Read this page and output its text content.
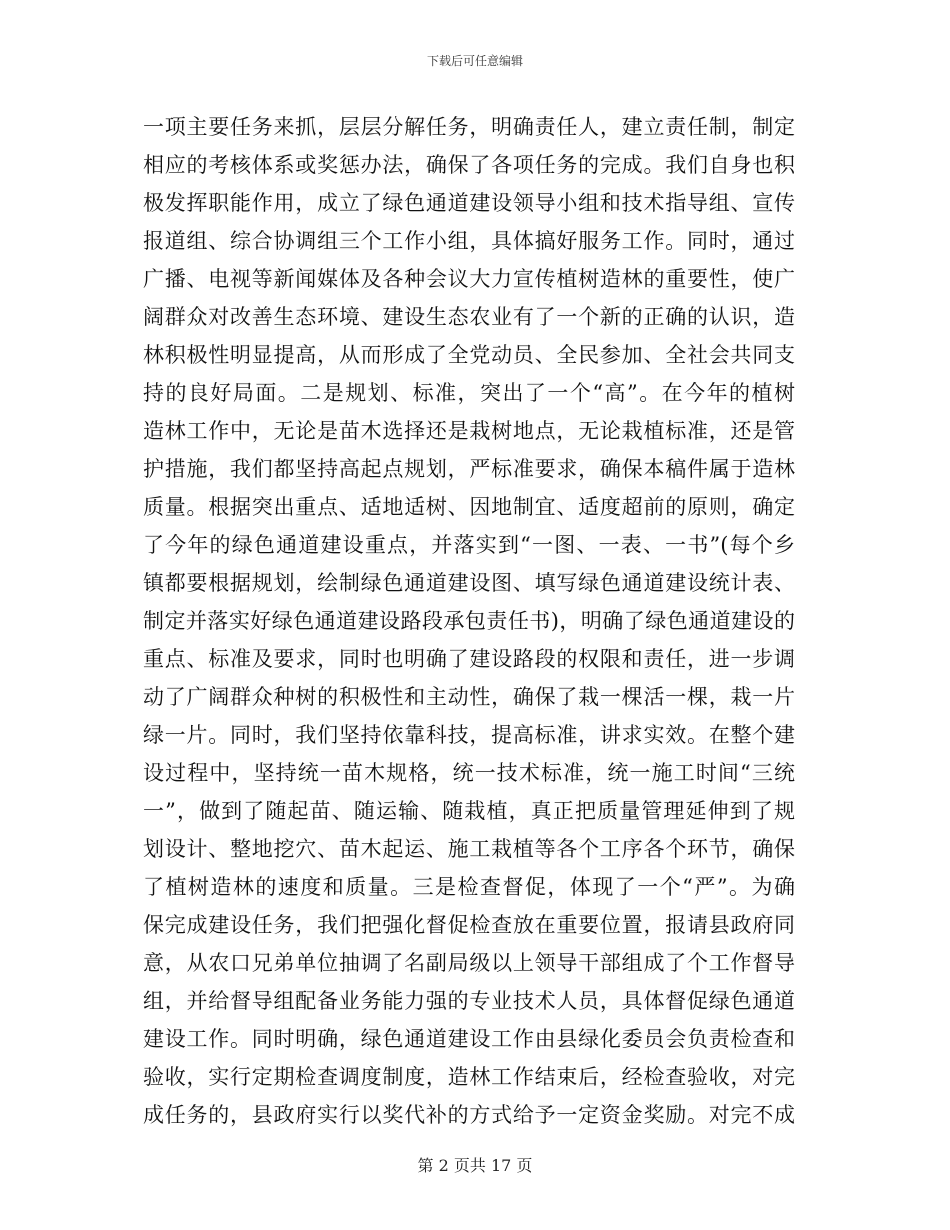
下载后可任意编辑
一项主要任务来抓，层层分解任务，明确责任人，建立责任制，制定
相应的考核体系或奖惩办法，确保了各项任务的完成。我们自身也积
极发挥职能作用，成立了绿色通道建设领导小组和技术指导组、宣传
报道组、综合协调组三个工作小组，具体搞好服务工作。同时，通过
广播、电视等新闻媒体及各种会议大力宣传植树造林的重要性，使广
阔群众对改善生态环境、建设生态农业有了一个新的正确的认识，造
林积极性明显提高，从而形成了全党动员、全民参加、全社会共同支
持的良好局面。二是规划、标准，突出了一个“高”。在今年的植树
造林工作中，无论是苗木选择还是栽树地点，无论栽植标准，还是管
护措施，我们都坚持高起点规划，严标准要求，确保本稿件属于造林
质量。根据突出重点、适地适树、因地制宜、适度超前的原则，确定
了今年的绿色通道建设重点，并落实到“一图、一表、一书”(每个乡
镇都要根据规划，绘制绿色通道建设图、填写绿色通道建设统计表、
制定并落实好绿色通道建设路段承包责任书)，明确了绿色通道建设的
重点、标准及要求，同时也明确了建设路段的权限和责任，进一步调
动了广阔群众种树的积极性和主动性，确保了栽一棵活一棵，栽一片
绿一片。同时，我们坚持依靠科技，提高标准，讲求实效。在整个建
设过程中，坚持统一苗木规格，统一技术标准，统一施工时间“三统
一”，做到了随起苗、随运输、随栽植，真正把质量管理延伸到了规
划设计、整地挖穴、苗木起运、施工栽植等各个工序各个环节，确保
了植树造林的速度和质量。三是检查督促，体现了一个“严”。为确
保完成建设任务，我们把强化督促检查放在重要位置，报请县政府同
意，从农口兄弟单位抽调了名副局级以上领导干部组成了个工作督导
组，并给督导组配备业务能力强的专业技术人员，具体督促绿色通道
建设工作。同时明确，绿色通道建设工作由县绿化委员会负责检查和
验收，实行定期检查调度制度，造林工作结束后，经检查验收，对完
成任务的，县政府实行以奖代补的方式给予一定资金奖励。对完不成
第 2 页共 17 页
